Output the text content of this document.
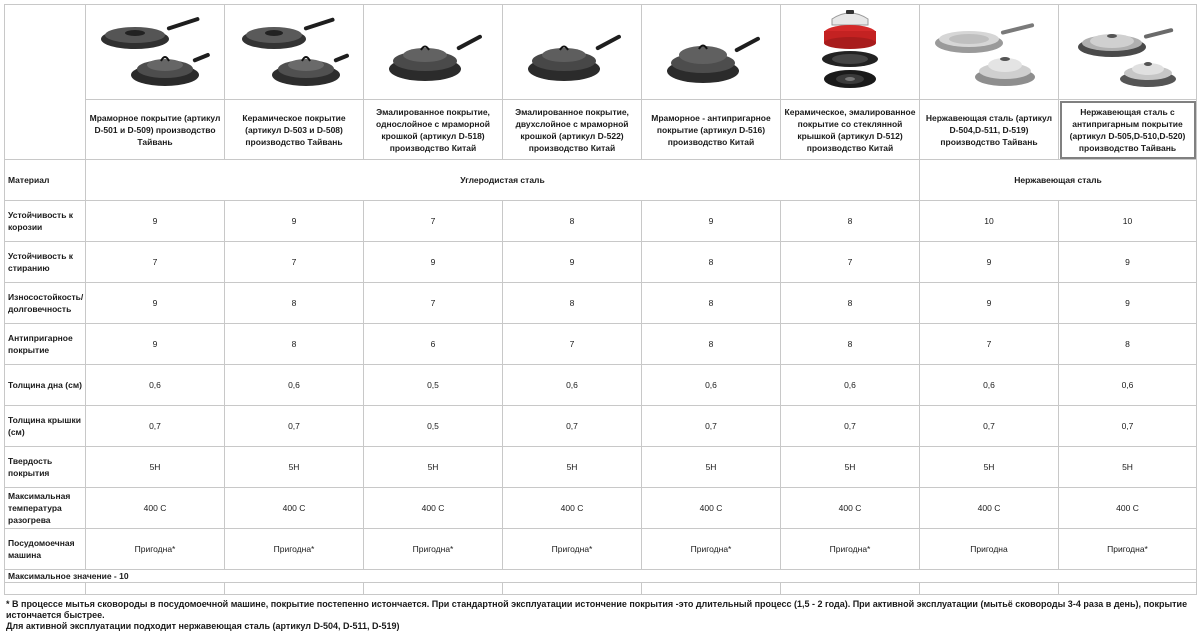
	Мраморное покрытие (артикул D-501 и D-509) производство Тайвань	Керамическое покрытие (артикул D-503 и D-508) производство Тайвань	Эмалированное покрытие, однослойное с мраморной крошкой (артикул D-518) производство Китай	Эмалированное покрытие, двухслойное с мраморной крошкой (артикул D-522) производство Китай	Мраморное - антипригарное покрытие (артикул D-516) производство Китай	Керамическое, эмалированное покрытие со стеклянной крышкой (артикул D-512) производство Китай	Нержавеющая сталь (артикул D-504,D-511, D-519) производство Тайвань	Нержавеющая сталь с антипригарным покрытие (артикул D-505,D-510,D-520) производство Тайвань
Материал	Углеродистая сталь						Нержавеющая сталь	
Устойчивость к корозии	9	9	7	8	9	8	10	10
Устойчивость к стиранию	7	7	9	9	8	7	9	9
Износостойкость/ долговечность	9	8	7	8	8	8	9	9
Антипригарное покрытие	9	8	6	7	8	8	7	8
Толщина дна (см)	0,6	0,6	0,5	0,6	0,6	0,6	0,6	0,6
Толщина крышки (см)	0,7	0,7	0,5	0,7	0,7	0,7	0,7	0,7
Твердость покрытия	5H	5H	5H	5H	5H	5H	5H	5H
Максимальная температура разогрева	400 C	400 C	400 C	400 C	400 C	400 C	400 C	400 C
Посудомоечная машина	Пригодна*	Пригодна*	Пригодна*	Пригодна*	Пригодна*	Пригодна*	Пригодна	Пригодна*
Максимальное значение - 10								

* В процессе мытья сковороды в посудомоечной машине, покрытие постепенно истончается. При стандартной эксплуатации истончение покрытия -это длительный процесс (1,5 - 2 года). При активной эксплуатации (мытьё сковороды 3-4 раза в день), покрытие истончается быстрее.
Для активной эксплуатации подходит нержавеющая сталь (артикул D-504, D-511, D-519)
